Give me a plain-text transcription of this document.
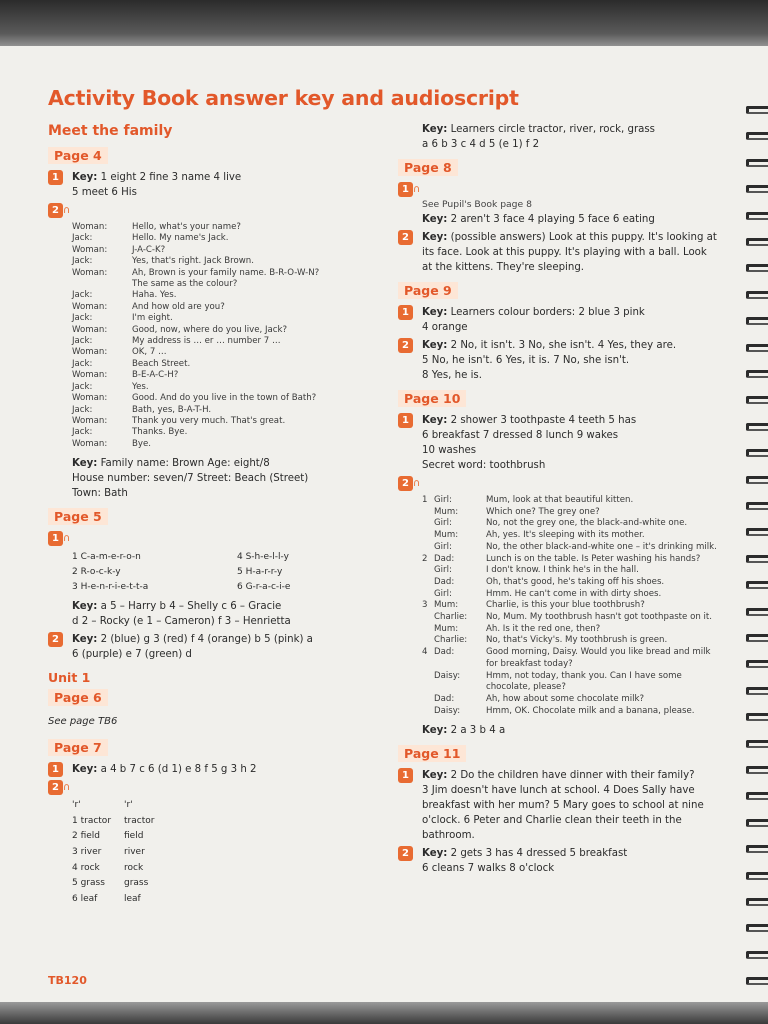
Activity Book answer key and audioscript
Meet the family
Page 4
1	Key: 1 eight 2 fine 3 name 4 live
5 meet 6 His
2 ∩
Woman:	Hello, what's your name?
Jack:	Hello. My name's Jack.
Woman:	J-A-C-K?
Jack:	Yes, that's right. Jack Brown.
Woman:	Ah, Brown is your family name. B-R-O-W-N?
The same as the colour?
Jack:	Haha. Yes.
Woman:	And how old are you?
Jack:	I'm eight.
Woman:	Good, now, where do you live, Jack?
Jack:	My address is … er … number 7 …
Woman:	OK, 7 …
Jack:	Beach Street.
Woman:	B-E-A-C-H?
Jack:	Yes.
Woman:	Good. And do you live in the town of Bath?
Jack:	Bath, yes, B-A-T-H.
Woman:	Thank you very much. That's great.
Jack:	Thanks. Bye.
Woman:	Bye.
Key: Family name: Brown Age: eight/8
House number: seven/7 Street: Beach (Street)
Town: Bath
Page 5
1 ∩
1 C-a-m-e-r-o-n	4 S-h-e-l-l-y
2 R-o-c-k-y	5 H-a-r-r-y
3 H-e-n-r-i-e-t-t-a	6 G-r-a-c-i-e
Key: a 5 – Harry b 4 – Shelly c 6 – Gracie
d 2 – Rocky (e 1 – Cameron) f 3 – Henrietta
2	Key: 2 (blue) g 3 (red) f 4 (orange) b 5 (pink) a
6 (purple) e 7 (green) d
Unit 1
Page 6
See page TB6
Page 7
1	Key: a 4 b 7 c 6 (d 1) e 8 f 5 g 3 h 2
2 ∩
'r'	'r'
1 tractor	tractor
2 field	field
3 river	river
4 rock	rock
5 grass	grass
6 leaf	leaf
Key: Learners circle tractor, river, rock, grass
a 6 b 3 c 4 d 5 (e 1) f 2
Page 8
1 ∩
See Pupil's Book page 8
Key: 2 aren't 3 face 4 playing 5 face 6 eating
2	Key: (possible answers) Look at this puppy. It's looking at its face. Look at this puppy. It's playing with a ball. Look at the kittens. They're sleeping.
Page 9
1	Key: Learners colour borders: 2 blue 3 pink
4 orange
2	Key: 2 No, it isn't. 3 No, she isn't. 4 Yes, they are.
5 No, he isn't. 6 Yes, it is. 7 No, she isn't.
8 Yes, he is.
Page 10
1	Key: 2 shower 3 toothpaste 4 teeth 5 has
6 breakfast 7 dressed 8 lunch 9 wakes
10 washes
Secret word: toothbrush
2 ∩
1 Girl:	Mum, look at that beautiful kitten.
Mum:	Which one? The grey one?
Girl:	No, not the grey one, the black-and-white one.
Mum:	Ah, yes. It's sleeping with its mother.
Girl:	No, the other black-and-white one – it's drinking milk.
2 Dad:	Lunch is on the table. Is Peter washing his hands?
Girl:	I don't know. I think he's in the hall.
Dad:	Oh, that's good, he's taking off his shoes.
Girl:	Hmm. He can't come in with dirty shoes.
3 Mum:	Charlie, is this your blue toothbrush?
Charlie:	No, Mum. My toothbrush hasn't got toothpaste on it.
Mum:	Ah. Is it the red one, then?
Charlie:	No, that's Vicky's. My toothbrush is green.
4 Dad:	Good morning, Daisy. Would you like bread and milk for breakfast today?
Daisy:	Hmm, not today, thank you. Can I have some chocolate, please?
Dad:	Ah, how about some chocolate milk?
Daisy:	Hmm, OK. Chocolate milk and a banana, please.
Key: 2 a 3 b 4 a
Page 11
1	Key: 2 Do the children have dinner with their family?
3 Jim doesn't have lunch at school. 4 Does Sally have breakfast with her mum? 5 Mary goes to school at nine o'clock. 6 Peter and Charlie clean their teeth in the bathroom.
2	Key: 2 gets 3 has 4 dressed 5 breakfast
6 cleans 7 walks 8 o'clock
TB120
